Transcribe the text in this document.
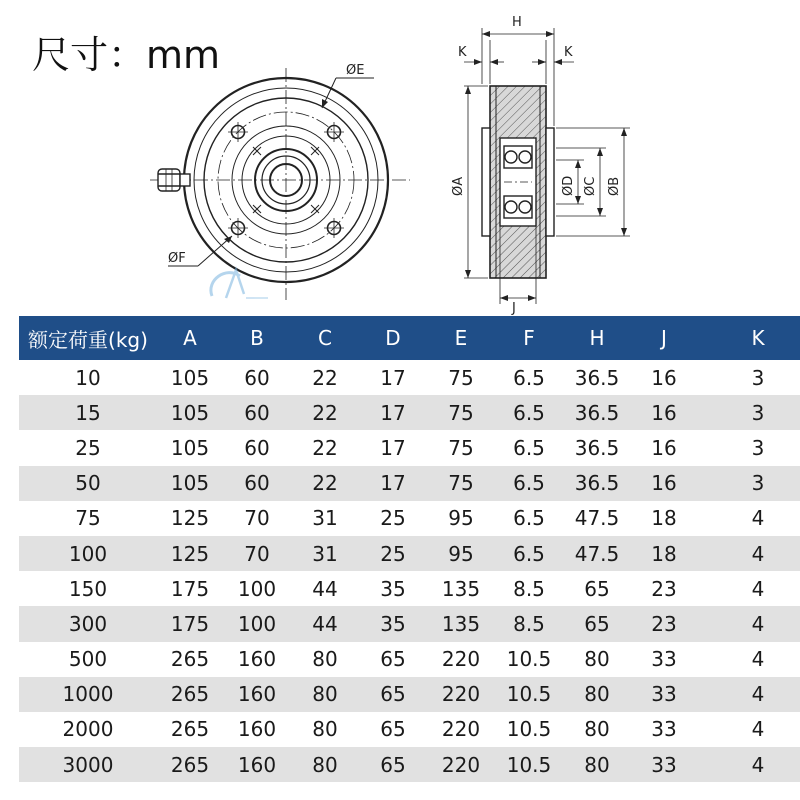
尺寸：mm	ØE
ØF
H
K	K
ØA	ØD ØC ØB
J
额定荷重(kg)	A	B	C	D	E	F	H	J	K
10	105	60	22	17	75	6.5	36.5	16	3
15	105	60	22	17	75	6.5	36.5	16	3
25	105	60	22	17	75	6.5	36.5	16	3
50	105	60	22	17	75	6.5	36.5	16	3
75	125	70	31	25	95	6.5	47.5	18	4
100	125	70	31	25	95	6.5	47.5	18	4
150	175	100	44	35	135	8.5	65	23	4
300	175	100	44	35	135	8.5	65	23	4
500	265	160	80	65	220	10.5	80	33	4
1000	265	160	80	65	220	10.5	80	33	4
2000	265	160	80	65	220	10.5	80	33	4
3000	265	160	80	65	220	10.5	80	33	4
